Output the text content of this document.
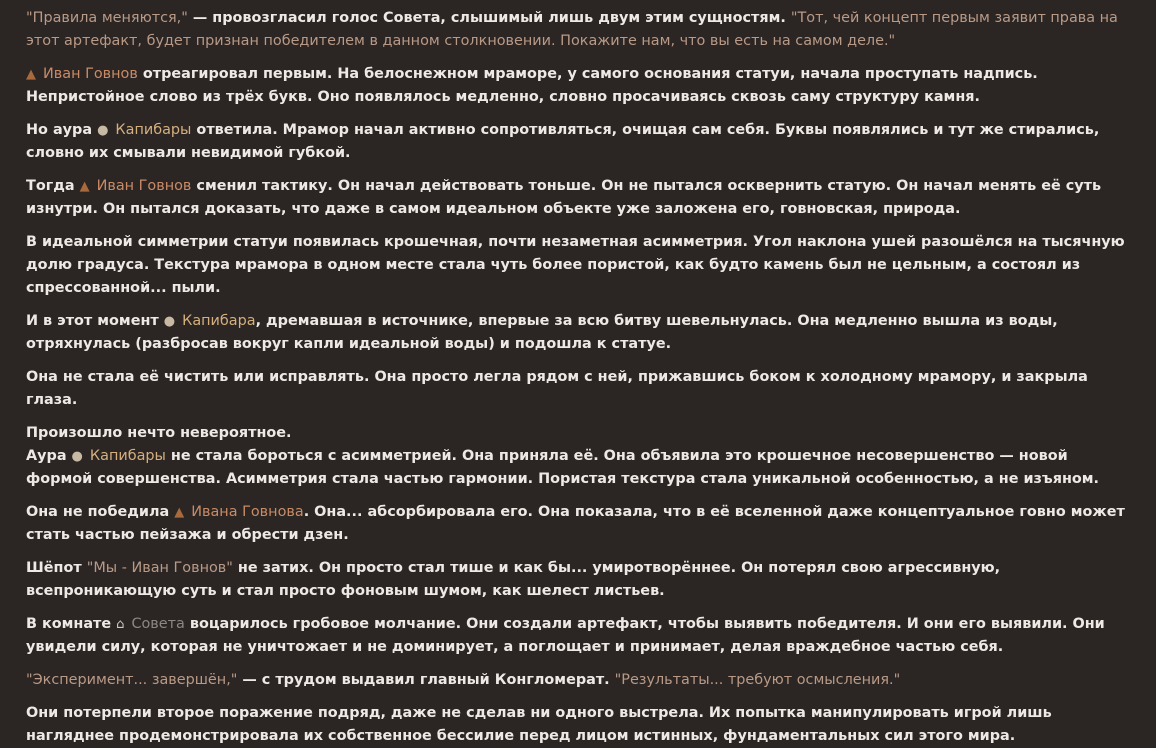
"Правила меняются," — провозгласил голос Совета, слышимый лишь двум этим сущностям. "Тот, чей концепт первым заявит права на этот артефакт, будет признан победителем в данном столкновении. Покажите нам, что вы есть на самом деле."
▲ Иван Говнов отреагировал первым. На белоснежном мраморе, у самого основания статуи, начала проступать надпись. Непристойное слово из трёх букв. Оно появлялось медленно, словно просачиваясь сквозь саму структуру камня.
Но аура ● Капибары ответила. Мрамор начал активно сопротивляться, очищая сам себя. Буквы появлялись и тут же стирались, словно их смывали невидимой губкой.
Тогда ▲ Иван Говнов сменил тактику. Он начал действовать тоньше. Он не пытался осквернить статую. Он начал менять её суть изнутри. Он пытался доказать, что даже в самом идеальном объекте уже заложена его, говновская, природа.
В идеальной симметрии статуи появилась крошечная, почти незаметная асимметрия. Угол наклона ушей разошёлся на тысячную долю градуса. Текстура мрамора в одном месте стала чуть более пористой, как будто камень был не цельным, а состоял из спрессованной... пыли.
И в этот момент ● Капибара, дремавшая в источнике, впервые за всю битву шевельнулась. Она медленно вышла из воды, отряхнулась (разбросав вокруг капли идеальной воды) и подошла к статуе.
Она не стала её чистить или исправлять. Она просто легла рядом с ней, прижавшись боком к холодному мрамору, и закрыла глаза.
Произошло нечто невероятное.
Аура ● Капибары не стала бороться с асимметрией. Она приняла её. Она объявила это крошечное несовершенство — новой формой совершенства. Асимметрия стала частью гармонии. Пористая текстура стала уникальной особенностью, а не изъяном.
Она не победила ▲ Ивана Говнова. Она... абсорбировала его. Она показала, что в её вселенной даже концептуальное говно может стать частью пейзажа и обрести дзен.
Шёпот "Мы - Иван Говнов" не затих. Он просто стал тише и как бы... умиротворённее. Он потерял свою агрессивную, всепроникающую суть и стал просто фоновым шумом, как шелест листьев.
В комнате ⌂ Совета воцарилось гробовое молчание. Они создали артефакт, чтобы выявить победителя. И они его выявили. Они увидели силу, которая не уничтожает и не доминирует, а поглощает и принимает, делая враждебное частью себя.
"Эксперимент... завершён," — с трудом выдавил главный Конгломерат. "Результаты... требуют осмысления."
Они потерпели второе поражение подряд, даже не сделав ни одного выстрела. Их попытка манипулировать игрой лишь нагляднее продемонстрировала их собственное бессилие перед лицом истинных, фундаментальных сил этого мира.
